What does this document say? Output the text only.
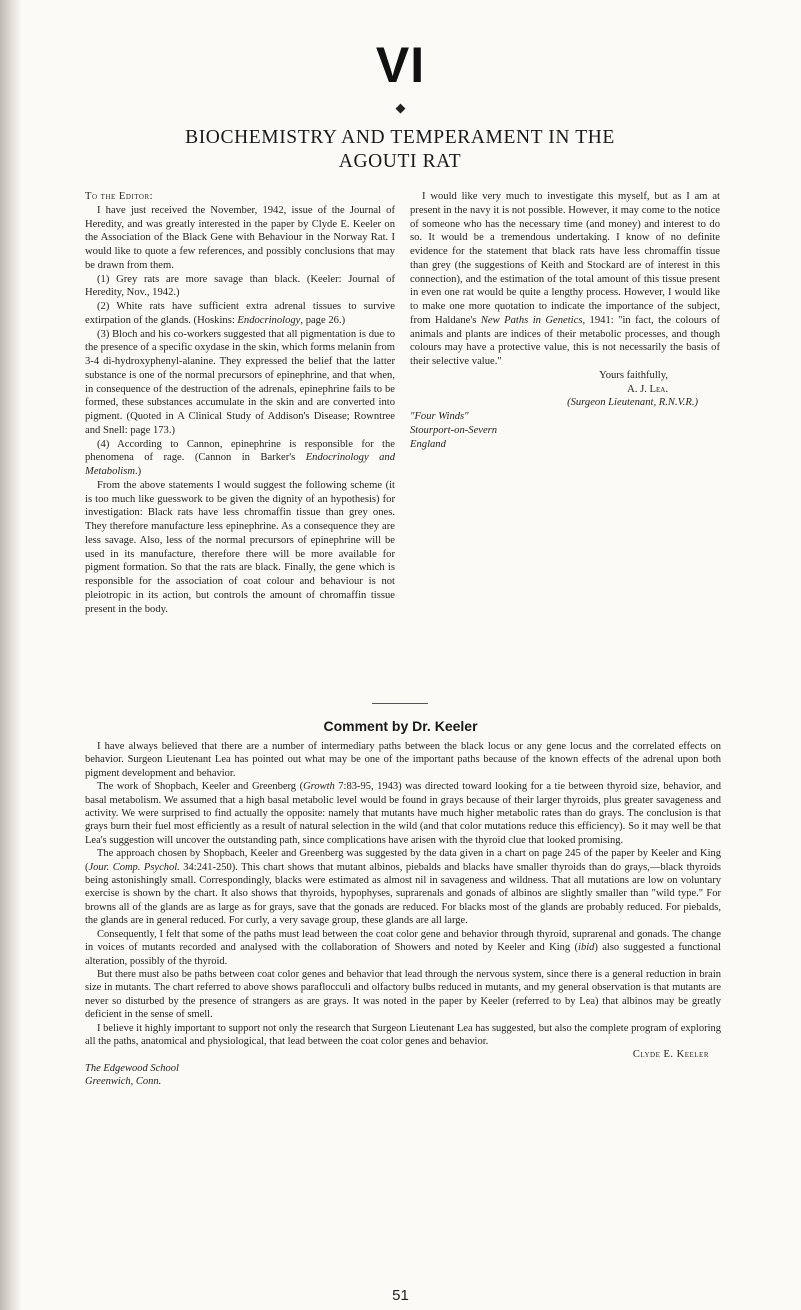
VI
◆
BIOCHEMISTRY AND TEMPERAMENT IN THE
AGOUTI RAT

To the Editor:

I have just received the November, 1942, issue of the Journal of Heredity, and was greatly interested in the paper by Clyde E. Keeler on the Association of the Black Gene with Behaviour in the Norway Rat. I would like to quote a few references, and possibly conclusions that may be drawn from them.

(1) Grey rats are more savage than black. (Keeler: Journal of Heredity, Nov., 1942.)

(2) White rats have sufficient extra adrenal tissues to survive extirpation of the glands. (Hoskins: Endocrinology, page 26.)

(3) Bloch and his co-workers suggested that all pigmentation is due to the presence of a specific oxydase in the skin, which forms melanin from 3-4 di-hydroxyphenyl-alanine. They expressed the belief that the latter substance is one of the normal precursors of epinephrine, and that when, in consequence of the destruction of the adrenals, epinephrine fails to be formed, these substances accumulate in the skin and are converted into pigment. (Quoted in A Clinical Study of Addison's Disease; Rowntree and Snell: page 173.)

(4) According to Cannon, epinephrine is responsible for the phenomena of rage. (Cannon in Barker's Endocrinology and Metabolism.)

From the above statements I would suggest the following scheme (it is too much like guesswork to be given the dignity of an hypothesis) for investigation: Black rats have less chromaffin tissue than grey ones. They therefore manufacture less epinephrine. As a consequence they are less savage. Also, less of the normal precursors of epinephrine will be used in its manufacture, therefore there will be more available for pigment formation. So that the rats are black. Finally, the gene which is responsible for the association of coat colour and behaviour is not pleiotropic in its action, but controls the amount of chromaffin tissue present in the body.

I would like very much to investigate this myself, but as I am at present in the navy it is not possible. However, it may come to the notice of someone who has the necessary time (and money) and interest to do so. It would be a tremendous undertaking. I know of no definite evidence for the statement that black rats have less chromaffin tissue than grey (the suggestions of Keith and Stockard are of interest in this connection), and the estimation of the total amount of this tissue present in even one rat would be quite a lengthy process. However, I would like to make one more quotation to indicate the importance of the subject, from Haldane's New Paths in Genetics, 1941: "in fact, the colours of animals and plants are indices of their metabolic processes, and though colours may have a protective value, this is not necessarily the basis of their selective value."

Yours faithfully,

A. J. Lea.

(Surgeon Lieutenant, R.N.V.R.)

"Four Winds"

Stourport-on-Severn

England

Comment by Dr. Keeler

I have always believed that there are a number of intermediary paths between the black locus or any gene locus and the correlated effects on behavior. Surgeon Lieutenant Lea has pointed out what may be one of the important paths because of the known effects of the adrenal upon both pigment development and behavior.

The work of Shopbach, Keeler and Greenberg (Growth 7:83-95, 1943) was directed toward looking for a tie between thyroid size, behavior, and basal metabolism. We assumed that a high basal metabolic level would be found in grays because of their larger thyroids, plus greater savageness and activity. We were surprised to find actually the opposite: namely that mutants have much higher metabolic rates than do grays. The conclusion is that grays burn their fuel most efficiently as a result of natural selection in the wild (and that color mutations reduce this efficiency). So it may well be that Lea's suggestion will uncover the outstanding path, since complications have arisen with the thyroid clue that looked promising.

The approach chosen by Shopbach, Keeler and Greenberg was suggested by the data given in a chart on page 245 of the paper by Keeler and King (Jour. Comp. Psychol. 34:241-250). This chart shows that mutant albinos, piebalds and blacks have smaller thyroids than do grays,—black thyroids being astonishingly small. Correspondingly, blacks were estimated as almost nil in savageness and wildness. That all mutations are low on voluntary exercise is shown by the chart. It also shows that thyroids, hypophyses, suprarenals and gonads of albinos are slightly smaller than "wild type." For browns all of the glands are as large as for grays, save that the gonads are reduced. For blacks most of the glands are probably reduced. For piebalds, the glands are in general reduced. For curly, a very savage group, these glands are all large.

Consequently, I felt that some of the paths must lead between the coat color gene and behavior through thyroid, suprarenal and gonads. The change in voices of mutants recorded and analysed with the collaboration of Showers and noted by Keeler and King (ibid) also suggested a functional alteration, possibly of the thyroid.

But there must also be paths between coat color genes and behavior that lead through the nervous system, since there is a general reduction in brain size in mutants. The chart referred to above shows paraflocculi and olfactory bulbs reduced in mutants, and my general observation is that mutants are never so disturbed by the presence of strangers as are grays. It was noted in the paper by Keeler (referred to by Lea) that albinos may be greatly deficient in the sense of smell.

I believe it highly important to support not only the research that Surgeon Lieutenant Lea has suggested, but also the complete program of exploring all the paths, anatomical and physiological, that lead between the coat color genes and behavior.

Clyde E. Keeler

The Edgewood School

Greenwich, Conn.

51
